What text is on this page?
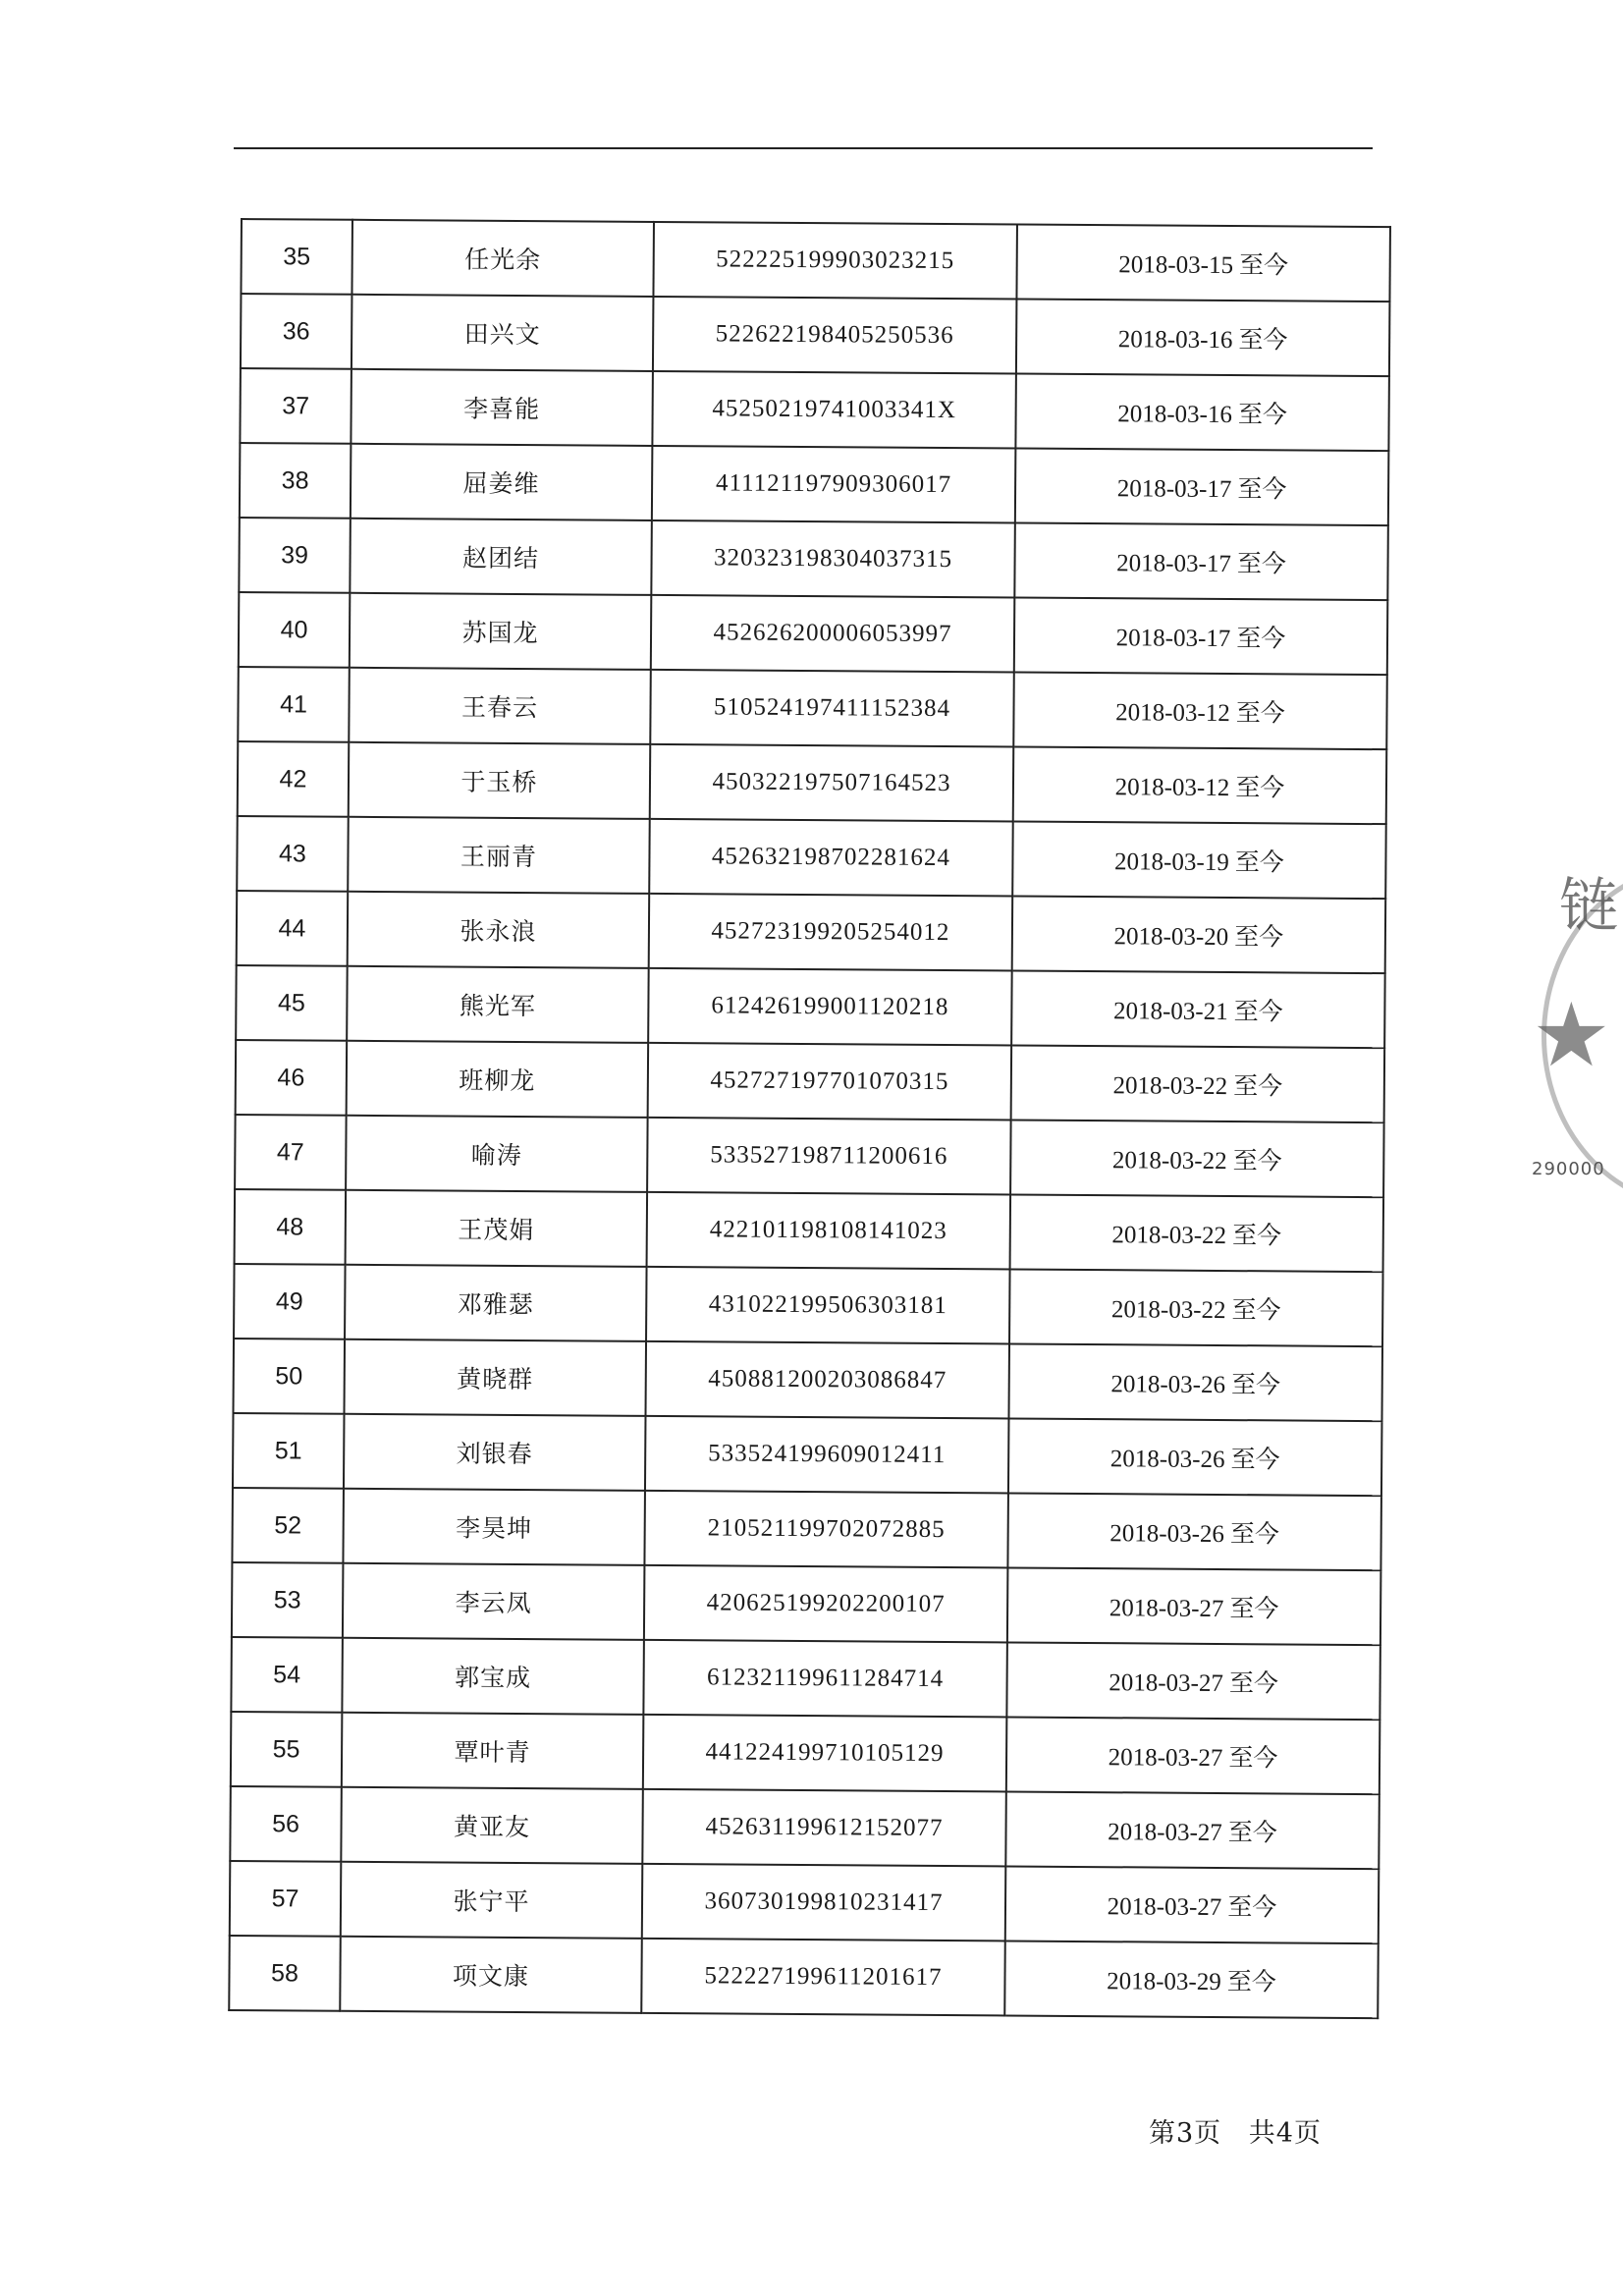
35	任光余	522225199903023215	2018-03-15 至今
36	田兴文	522622198405250536	2018-03-16 至今
37	李喜能	45250219741003341X	2018-03-16 至今
38	屈姜维	411121197909306017	2018-03-17 至今
39	赵团结	320323198304037315	2018-03-17 至今
40	苏国龙	452626200006053997	2018-03-17 至今
41	王春云	510524197411152384	2018-03-12 至今
42	于玉桥	450322197507164523	2018-03-12 至今
43	王丽青	452632198702281624	2018-03-19 至今
44	张永浪	452723199205254012	2018-03-20 至今
45	熊光军	612426199001120218	2018-03-21 至今
46	班柳龙	452727197701070315	2018-03-22 至今
47	喻涛	533527198711200616	2018-03-22 至今
48	王茂娟	422101198108141023	2018-03-22 至今
49	邓雅瑟	431022199506303181	2018-03-22 至今
50	黄晓群	450881200203086847	2018-03-26 至今
51	刘银春	533524199609012411	2018-03-26 至今
52	李昊坤	210521199702072885	2018-03-26 至今
53	李云凤	420625199202200107	2018-03-27 至今
54	郭宝成	612321199611284714	2018-03-27 至今
55	覃叶青	441224199710105129	2018-03-27 至今
56	黄亚友	452631199612152077	2018-03-27 至今
57	张宁平	360730199810231417	2018-03-27 至今
58	项文康	522227199611201617	2018-03-29 至今
第3页 共4页
链
★
290000
